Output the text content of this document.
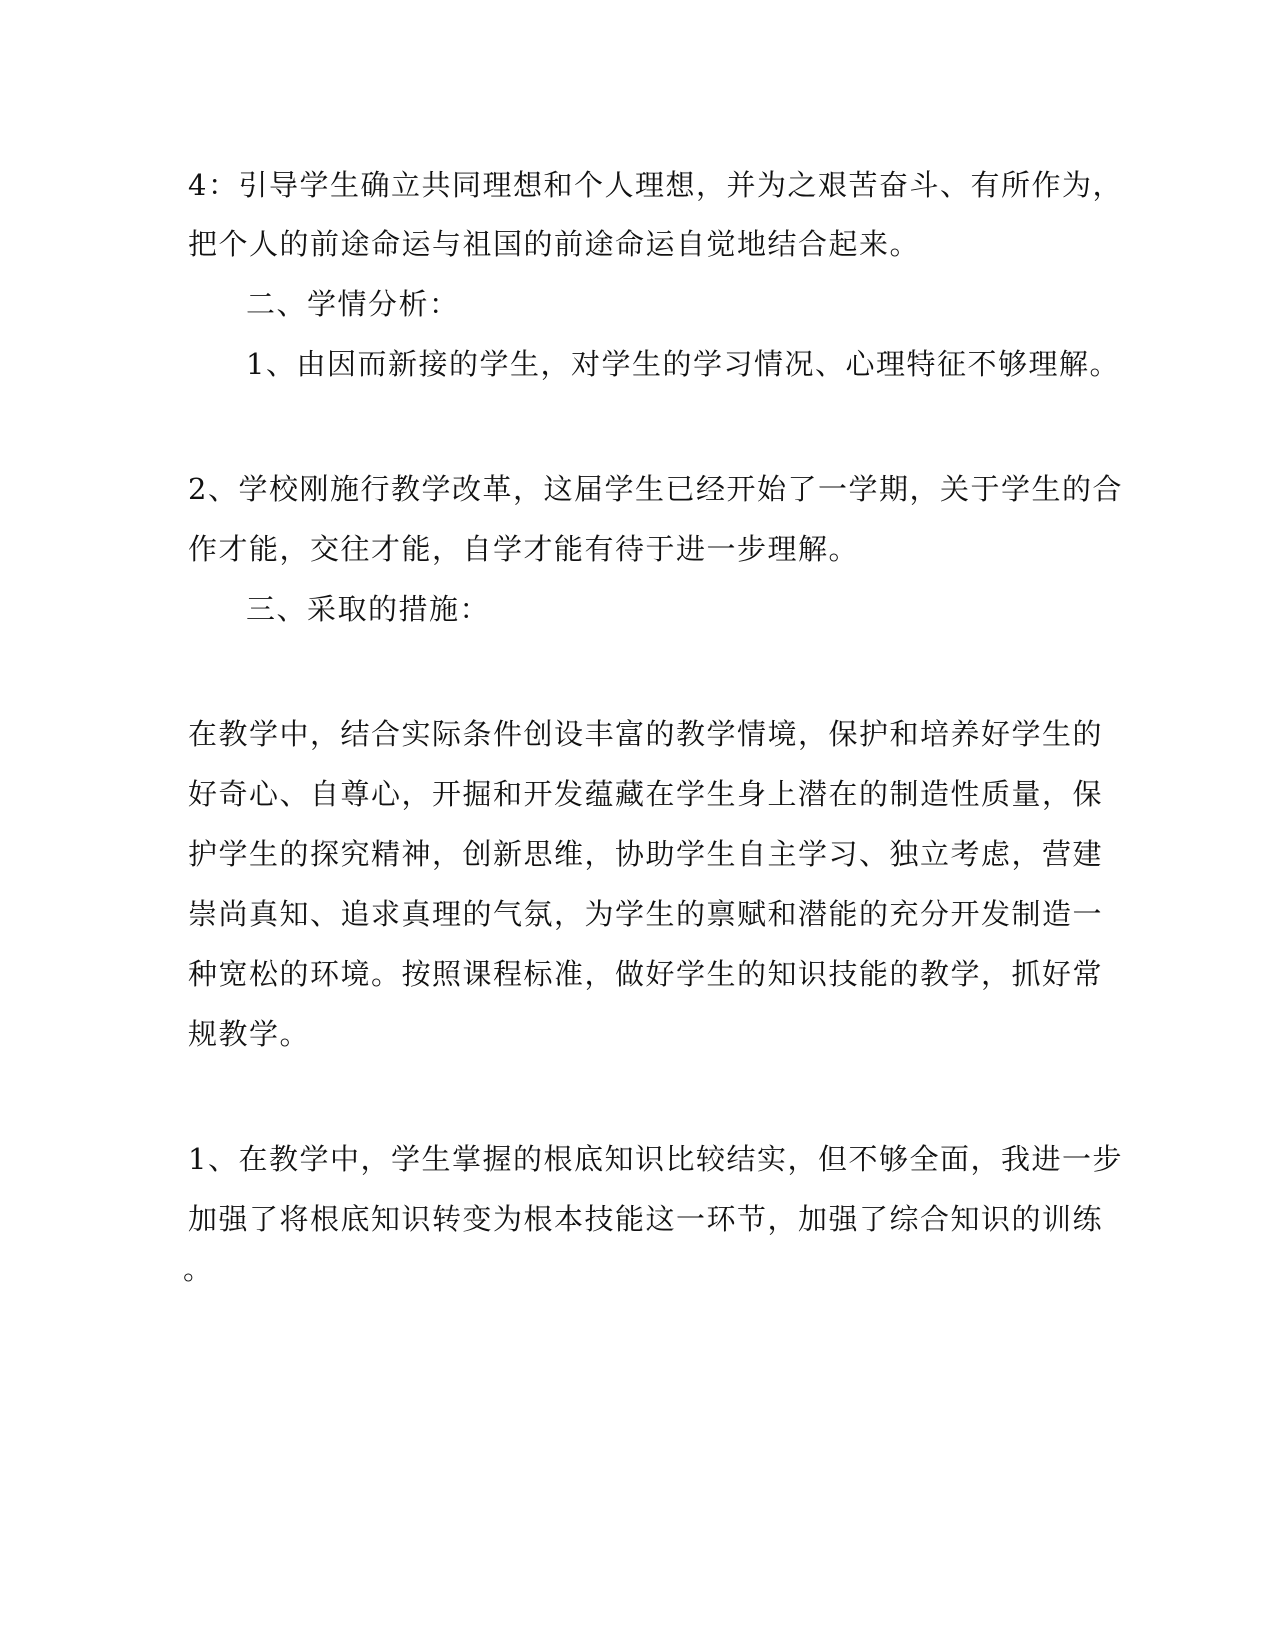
4：引导学生确立共同理想和个人理想，并为之艰苦奋斗、有所作为，
把个人的前途命运与祖国的前途命运自觉地结合起来。
二、学情分析：
1、由因而新接的学生，对学生的学习情况、心理特征不够理解。
2、学校刚施行教学改革，这届学生已经开始了一学期，关于学生的合
作才能，交往才能，自学才能有待于进一步理解。
三、采取的措施：
在教学中，结合实际条件创设丰富的教学情境，保护和培养好学生的
好奇心、自尊心，开掘和开发蕴藏在学生身上潜在的制造性质量，保
护学生的探究精神，创新思维，协助学生自主学习、独立考虑，营建
崇尚真知、追求真理的气氛，为学生的禀赋和潜能的充分开发制造一
种宽松的环境。按照课程标准，做好学生的知识技能的教学，抓好常
规教学。
1、在教学中，学生掌握的根底知识比较结实，但不够全面，我进一步
加强了将根底知识转变为根本技能这一环节，加强了综合知识的训练
。
